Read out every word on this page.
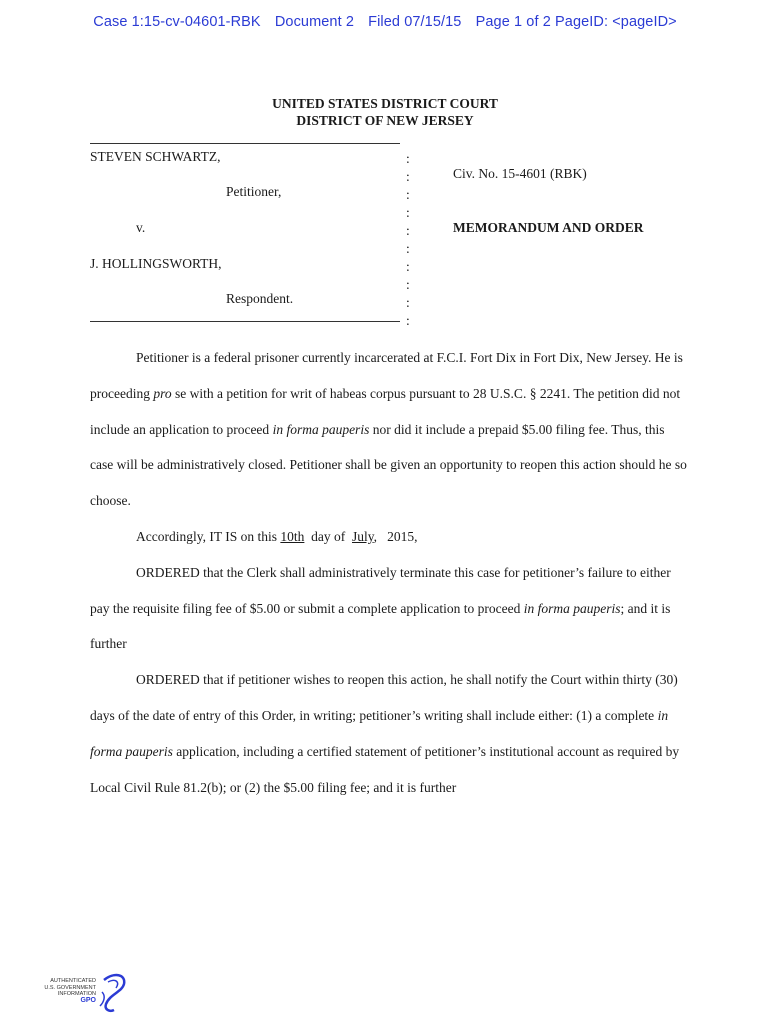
Case 1:15-cv-04601-RBK Document 2 Filed 07/15/15 Page 1 of 2 PageID: <pageID>
UNITED STATES DISTRICT COURT
DISTRICT OF NEW JERSEY
STEVEN SCHWARTZ,
Petitioner,
v.
J. HOLLINGSWORTH,
Respondent.
:
:
:
:
:
:
:
:
:
:
Civ. No. 15-4601 (RBK)
MEMORANDUM AND ORDER

Petitioner is a federal prisoner currently incarcerated at F.C.I. Fort Dix in Fort Dix, New Jersey. He is proceeding pro se with a petition for writ of habeas corpus pursuant to 28 U.S.C. § 2241. The petition did not include an application to proceed in forma pauperis nor did it include a prepaid $5.00 filing fee. Thus, this case will be administratively closed. Petitioner shall be given an opportunity to reopen this action should he so choose.

Accordingly, IT IS on this 10th  day of  July,   2015,

ORDERED that the Clerk shall administratively terminate this case for petitioner’s failure to either pay the requisite filing fee of $5.00 or submit a complete application to proceed in forma pauperis; and it is further

ORDERED that if petitioner wishes to reopen this action, he shall notify the Court within thirty (30) days of the date of entry of this Order, in writing; petitioner’s writing shall include either: (1) a complete in forma pauperis application, including a certified statement of petitioner’s institutional account as required by Local Civil Rule 81.2(b); or (2) the $5.00 filing fee; and it is further

AUTHENTICATED
U.S. GOVERNMENT
INFORMATION
GPO
